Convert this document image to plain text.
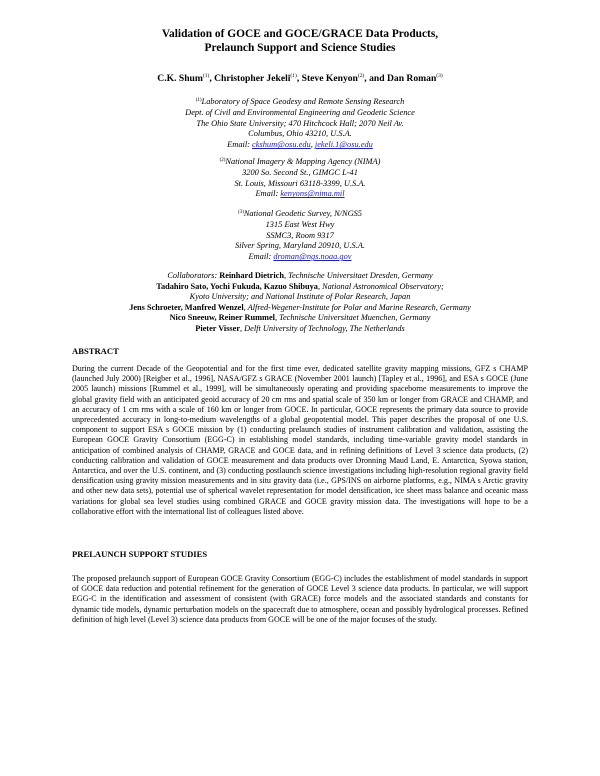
Validation of GOCE and GOCE/GRACE Data Products,
Prelaunch Support and Science Studies
C.K. Shum$^{(1)}$, Christopher Jekeli$^{(1)}$, Steve Kenyon$^{(2)}$, and Dan Roman$^{(3)}$
$^{(1)}$Laboratory of Space Geodesy and Remote Sensing Research
Dept. of Civil and Environmental Engineering and Geodetic Science
The Ohio State University; 470 Hitchcock Hall; 2070 Neil Av.
Columbus, Ohio 43210, U.S.A.
Email: ckshum@osu.edu, jekeli.1@osu.edu
$^{(2)}$National Imagery & Mapping Agency (NIMA)
3200 So. Second St., GIMGC L-41
St. Louis, Missouri 63118-3399, U.S.A.
Email: kenyons@nima.mil
$^{(3)}$National Geodetic Survey, N/NGS5
1315 East West Hwy
SSMC3, Room 9317
Silver Spring, Maryland 20910, U.S.A.
Email: droman@ngs.noaa.gov
Collaborators: Reinhard Dietrich, Technische Universitaet Dresden, Germany
Tadahiro Sato, Yochi Fukuda, Kazuo Shibuya, National Astronomical Observatory;
Kyoto University; and National Institute of Polar Research, Japan
Jens Schroeter, Manfred Wenzel, Alfred-Wegener-Institute for Polar and Marine Research, Germany
Nico Sneeuw, Reiner Rummel, Technische Universitaet Muenchen, Germany
Pieter Visser, Delft University of Technology, The Netherlands
ABSTRACT
During the current Decade of the Geopotential and for the first time ever, dedicated satellite gravity mapping missions, GFZ s CHAMP (launched July 2000) [Reigber et al., 1996], NASA/GFZ s GRACE (November 2001 launch) [Tapley et al., 1996], and ESA s GOCE (June 2005 launch) missions [Rummel et al., 1999], will be simultaneously operating and providing spaceborne measurements to improve the global gravity field with an anticipated geoid accuracy of 20 cm rms and spatial scale of 350 km or longer from GRACE and CHAMP, and an accuracy of 1 cm rms with a scale of 160 km or longer from GOCE. In particular, GOCE represents the primary data source to provide unprecedented accuracy in long-to-medium wavelengths of a global geopotential model. This paper describes the proposal of one U.S. component to support ESA s GOCE mission by (1) conducting prelaunch studies of instrument calibration and validation, assisting the European GOCE Gravity Consortium (EGG-C) in establishing model standards, including time-variable gravity model standards in anticipation of combined analysis of CHAMP, GRACE and GOCE data, and in refining definitions of Level 3 science data products, (2) conducting calibration and validation of GOCE measurement and data products over Dronning Maud Land, E. Antarctica, Syowa station, Antarctica, and over the U.S. continent, and (3) conducting postlaunch science investigations including high-resolution regional gravity field densification using gravity mission measurements and in situ gravity data (i.e., GPS/INS on airborne platforms, e.g., NIMA s Arctic gravity and other new data sets), potential use of spherical wavelet representation for model densification, ice sheet mass balance and oceanic mass variations for global sea level studies using combined GRACE and GOCE gravity mission data. The investigations will hope to be a collaborative effort with the international list of colleagues listed above.
PRELAUNCH SUPPORT STUDIES
The proposed prelaunch support of European GOCE Gravity Consortium (EGG-C) includes the establishment of model standards in support of GOCE data reduction and potential refinement for the generation of GOCE Level 3 science data products. In particular, we will support EGG-C in the identification and assessment of consistent (with GRACE) force models and the associated standards and constants for dynamic tide models, dynamic perturbation models on the spacecraft due to atmosphere, ocean and possibly hydrological processes. Refined definition of high level (Level 3) science data products from GOCE will be one of the major focuses of the study.
